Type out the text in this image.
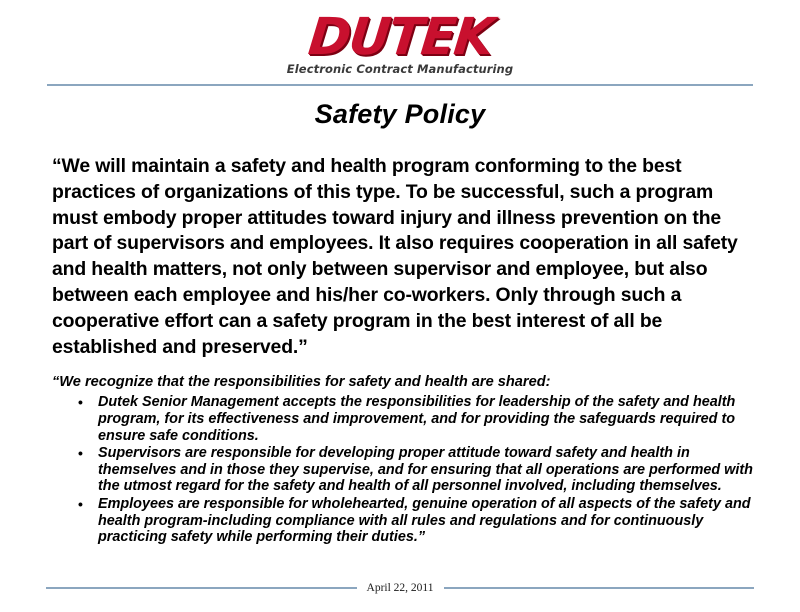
DUTEK
Electronic Contract Manufacturing
Safety Policy

“We will maintain a safety and health program conforming to the best practices of organizations of this type. To be successful, such a program must embody proper attitudes toward injury and illness prevention on the part of supervisors and employees. It also requires cooperation in all safety and health matters, not only between supervisor and employee, but also between each employee and his/her co-workers. Only through such a cooperative effort can a safety program in the best interest of all be established and preserved.”

“We recognize that the responsibilities for safety and health are shared:

• Dutek Senior Management accepts the responsibilities for leadership of the safety and health program, for its effectiveness and improvement, and for providing the safeguards required to ensure safe conditions.
• Supervisors are responsible for developing proper attitude toward safety and health in themselves and in those they supervise, and for ensuring that all operations are performed with the utmost regard for the safety and health of all personnel involved, including themselves.
• Employees are responsible for wholehearted, genuine operation of all aspects of the safety and health program-including compliance with all rules and regulations and for continuously practicing safety while performing their duties.”
April 22, 2011
